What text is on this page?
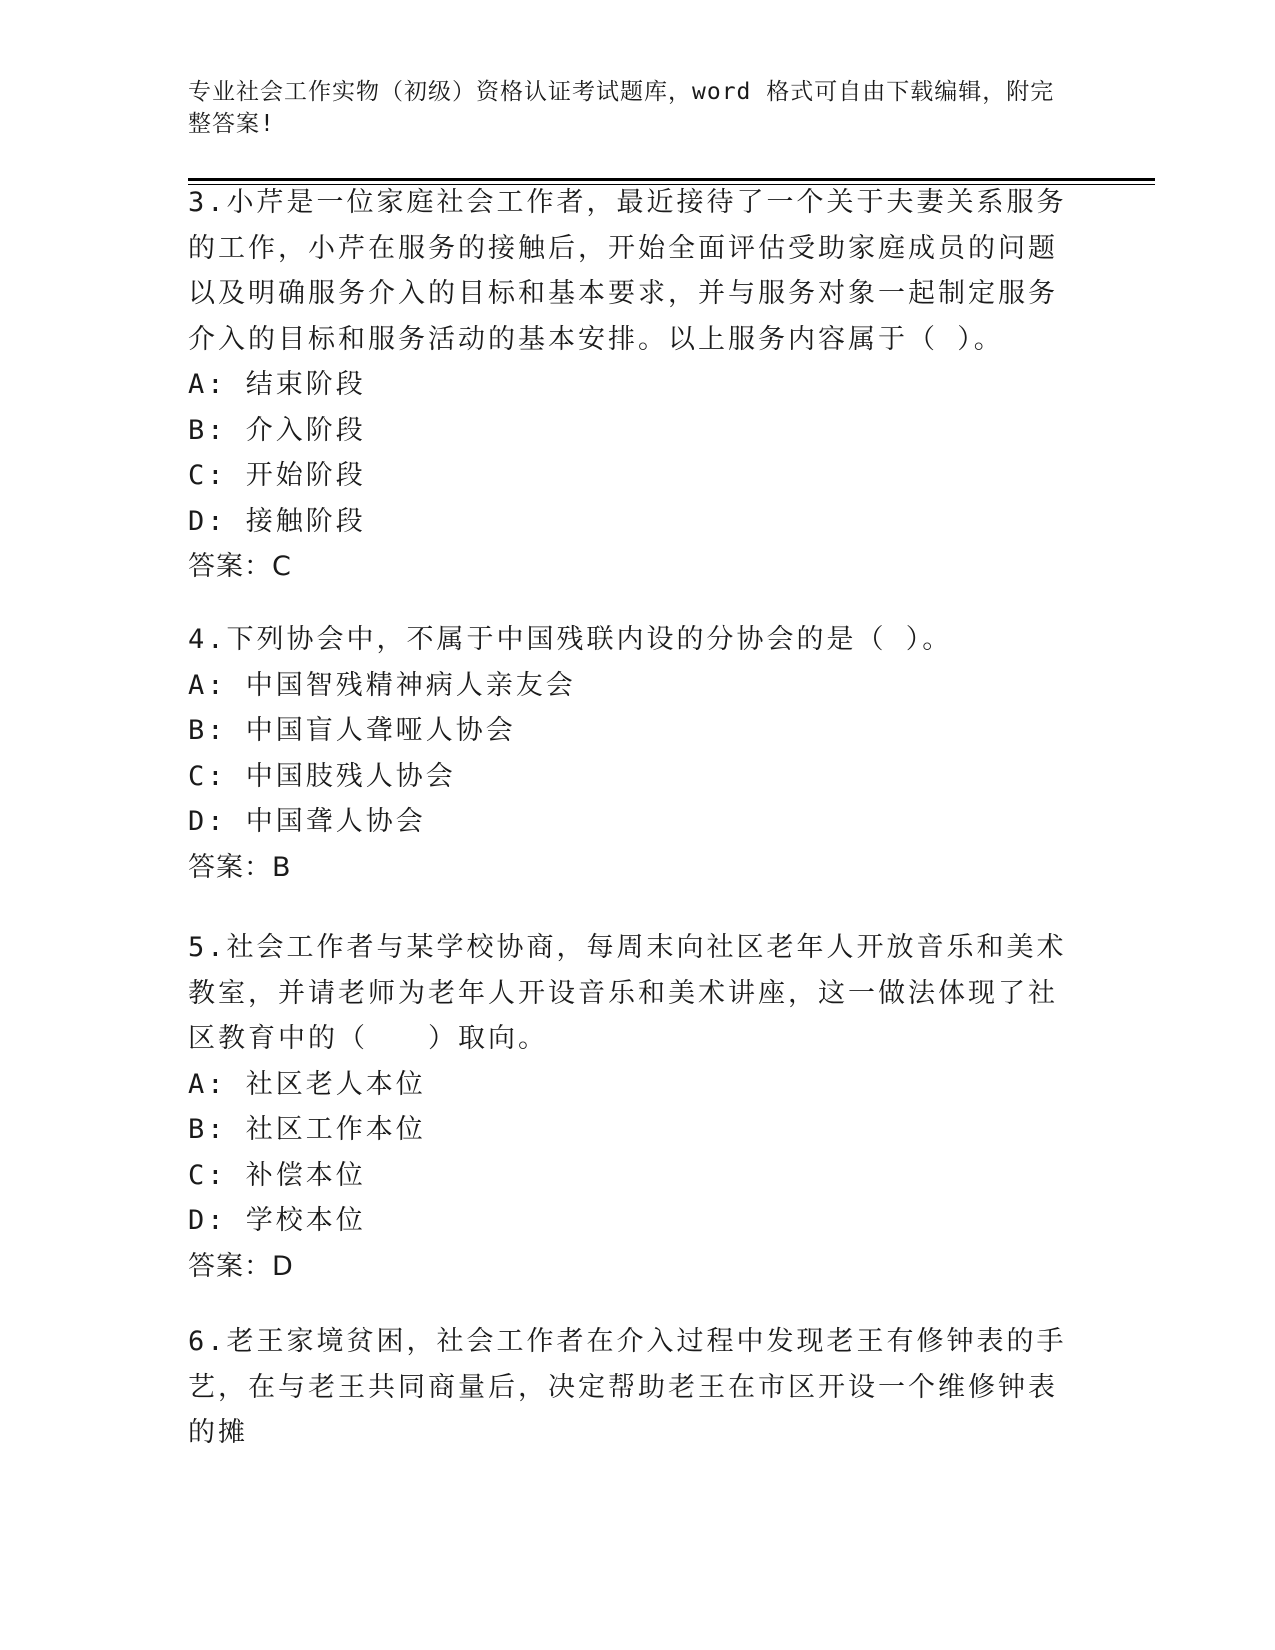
专业社会工作实物（初级）资格认证考试题库，word 格式可自由下载编辑，附完整答案!

3.小芹是一位家庭社会工作者，最近接待了一个关于夫妻关系服务的工作，小芹在服务的接触后，开始全面评估受助家庭成员的问题以及明确服务介入的目标和基本要求，并与服务对象一起制定服务介入的目标和服务活动的基本安排。以上服务内容属于（ ）。

A: 结束阶段

B: 介入阶段

C: 开始阶段

D: 接触阶段

答案：C

4.下列协会中，不属于中国残联内设的分协会的是（ ）。

A: 中国智残精神病人亲友会

B: 中国盲人聋哑人协会

C: 中国肢残人协会

D: 中国聋人协会

答案：B

5.社会工作者与某学校协商，每周末向社区老年人开放音乐和美术教室，并请老师为老年人开设音乐和美术讲座，这一做法体现了社区教育中的（　　）取向。

A: 社区老人本位

B: 社区工作本位

C: 补偿本位

D: 学校本位

答案：D

6.老王家境贫困，社会工作者在介入过程中发现老王有修钟表的手艺，在与老王共同商量后，决定帮助老王在市区开设一个维修钟表的摊
